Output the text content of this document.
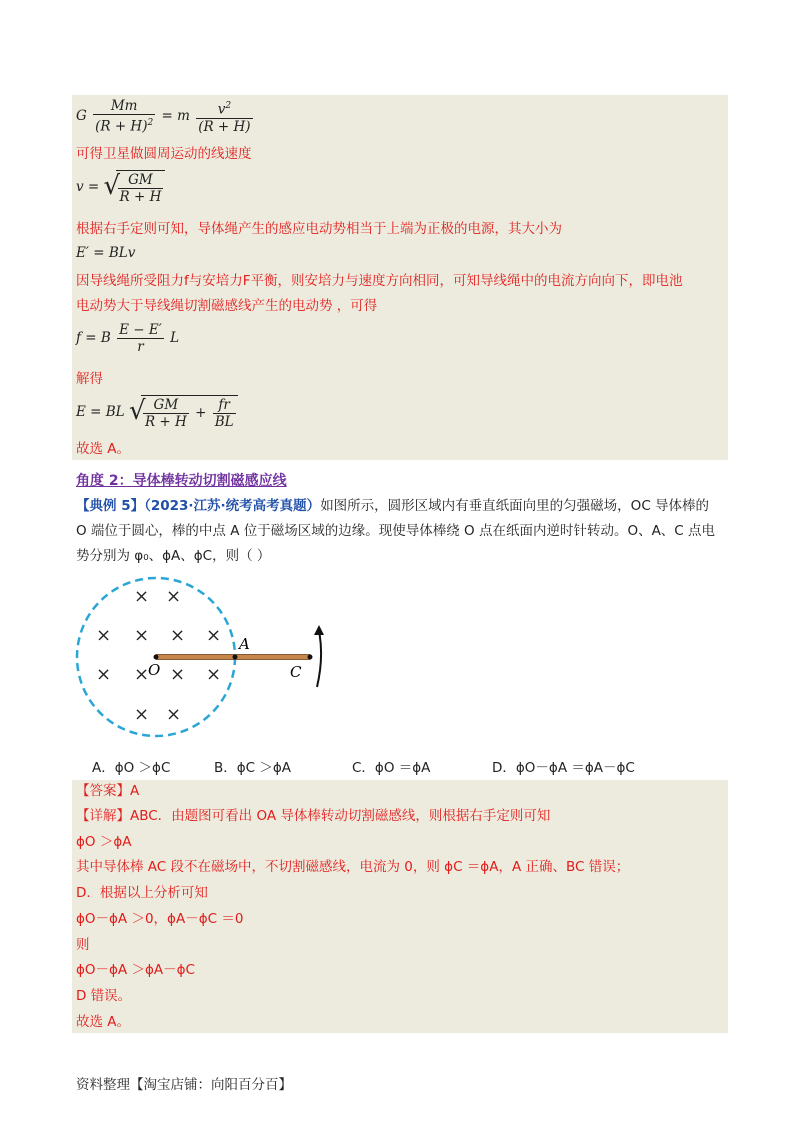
G $\frac{Mm}{(R + H)^2} = m \frac{v^2}{(R + H)}$
可得卫星做圆周运动的线速度
v = √
$\frac{GM}{R + H}$
根据右手定则可知，导体绳产生的感应电动势相当于上端为正极的电源，其大小为
E′ = BLv
因导线绳所受阻力f与安培力F平衡，则安培力与速度方向相同，可知导线绳中的电流方向向下，即电池
电动势大于导线绳切割磁感线产生的电动势 ，可得
f = B $\frac{E - E'}{r}$ L
解得
E = BL √
$\frac{GM}{R + H} + \frac{fr}{BL}$
故选 A。
角度 2：导体棒转动切割磁感应线
【典例 5】（2023·江苏·统考高考真题）如图所示，圆形区域内有垂直纸面向里的匀强磁场，OC 导体棒的
O 端位于圆心，棒的中点 A 位于磁场区域的边缘。现使导体棒绕 O 点在纸面内逆时针转动。O、A、C 点电
势分别为 φ₀、ϕA、ϕC，则（ ）
× ×
× × × ×
× × × ×
× ×
O
A
C
A．ϕO ＞ϕC	B．ϕC ＞ϕA	C．ϕO ＝ϕA	D．ϕO－ϕA ＝ϕA－ϕC
【答案】A
【详解】ABC．由题图可看出 OA 导体棒转动切割磁感线，则根据右手定则可知
ϕO ＞ϕA
其中导体棒 AC 段不在磁场中，不切割磁感线，电流为 0，则 ϕC ＝ϕA，A 正确、BC 错误；
D．根据以上分析可知
ϕO－ϕA ＞0，ϕA－ϕC ＝0
则
ϕO－ϕA ＞ϕA－ϕC
D 错误。
故选 A。
资料整理【淘宝店铺：向阳百分百】
